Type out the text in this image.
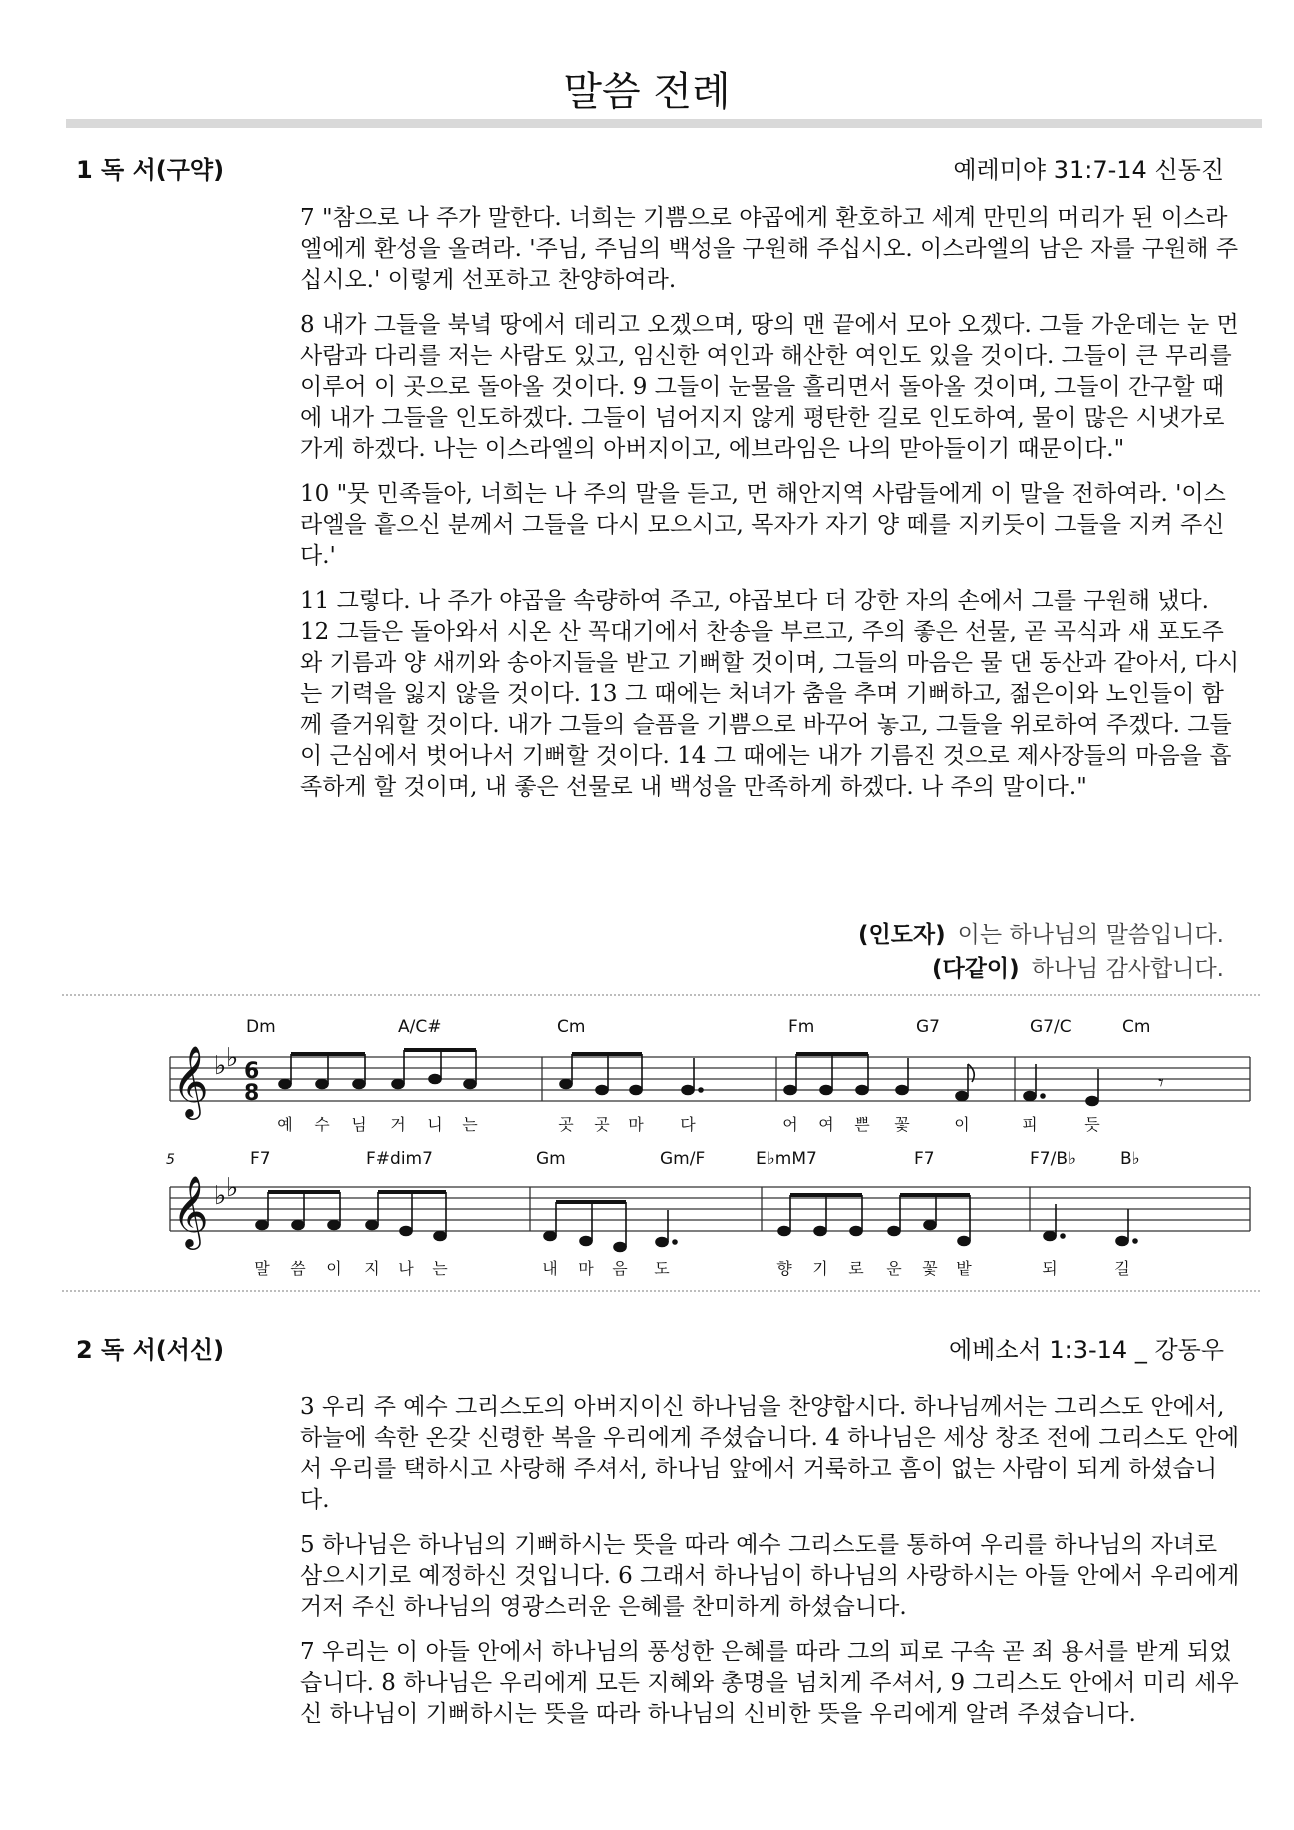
말씀 전례
1 독 서(구약)	예레미야 31:7-14 신동진

7 "참으로 나 주가 말한다. 너희는 기쁨으로 야곱에게 환호하고 세계 만민의 머리가 된 이스라엘에게 환성을 올려라. '주님, 주님의 백성을 구원해 주십시오. 이스라엘의 남은 자를 구원해 주십시오.' 이렇게 선포하고 찬양하여라.

8 내가 그들을 북녘 땅에서 데리고 오겠으며, 땅의 맨 끝에서 모아 오겠다. 그들 가운데는 눈 먼 사람과 다리를 저는 사람도 있고, 임신한 여인과 해산한 여인도 있을 것이다. 그들이 큰 무리를 이루어 이 곳으로 돌아올 것이다. 9 그들이 눈물을 흘리면서 돌아올 것이며, 그들이 간구할 때에 내가 그들을 인도하겠다. 그들이 넘어지지 않게 평탄한 길로 인도하여, 물이 많은 시냇가로 가게 하겠다. 나는 이스라엘의 아버지이고, 에브라임은 나의 맏아들이기 때문이다."

10 "뭇 민족들아, 너희는 나 주의 말을 듣고, 먼 해안지역 사람들에게 이 말을 전하여라. '이스라엘을 흩으신 분께서 그들을 다시 모으시고, 목자가 자기 양 떼를 지키듯이 그들을 지켜 주신다.'

11 그렇다. 나 주가 야곱을 속량하여 주고, 야곱보다 더 강한 자의 손에서 그를 구원해 냈다. 12 그들은 돌아와서 시온 산 꼭대기에서 찬송을 부르고, 주의 좋은 선물, 곧 곡식과 새 포도주와 기름과 양 새끼와 송아지들을 받고 기뻐할 것이며, 그들의 마음은 물 댄 동산과 같아서, 다시는 기력을 잃지 않을 것이다. 13 그 때에는 처녀가 춤을 추며 기뻐하고, 젊은이와 노인들이 함께 즐거워할 것이다. 내가 그들의 슬픔을 기쁨으로 바꾸어 놓고, 그들을 위로하여 주겠다. 그들이 근심에서 벗어나서 기뻐할 것이다. 14 그 때에는 내가 기름진 것으로 제사장들의 마음을 흡족하게 할 것이며, 내 좋은 선물로 내 백성을 만족하게 하겠다. 나 주의 말이다."

(인도자) 이는 하나님의 말씀입니다.
(다같이) 하나님 감사합니다.
𝄞 ♭ ♭ 6
8	𝄾
Dm	A/C#	Cm	Fm	G7	G7/C	Cm
예 수 님 거 니 는	곳 곳 마 다	어 여 쁜 꽃	이	피	듯
5
𝄞 ♭ ♭
F7	F#dim7	Gm	Gm/F	E♭mM7	F7	F7/B♭	B♭
말 씀 이 지 나 는	내 마 음 도	향 기 로 운 꽃 밭	되	길
2 독 서(서신)	에베소서 1:3-14 _ 강동우

3 우리 주 예수 그리스도의 아버지이신 하나님을 찬양합시다. 하나님께서는 그리스도 안에서, 하늘에 속한 온갖 신령한 복을 우리에게 주셨습니다. 4 하나님은 세상 창조 전에 그리스도 안에서 우리를 택하시고 사랑해 주셔서, 하나님 앞에서 거룩하고 흠이 없는 사람이 되게 하셨습니다.

5 하나님은 하나님의 기뻐하시는 뜻을 따라 예수 그리스도를 통하여 우리를 하나님의 자녀로 삼으시기로 예정하신 것입니다. 6 그래서 하나님이 하나님의 사랑하시는 아들 안에서 우리에게 거저 주신 하나님의 영광스러운 은혜를 찬미하게 하셨습니다.

7 우리는 이 아들 안에서 하나님의 풍성한 은혜를 따라 그의 피로 구속 곧 죄 용서를 받게 되었습니다. 8 하나님은 우리에게 모든 지혜와 총명을 넘치게 주셔서, 9 그리스도 안에서 미리 세우신 하나님이 기뻐하시는 뜻을 따라 하나님의 신비한 뜻을 우리에게 알려 주셨습니다.
